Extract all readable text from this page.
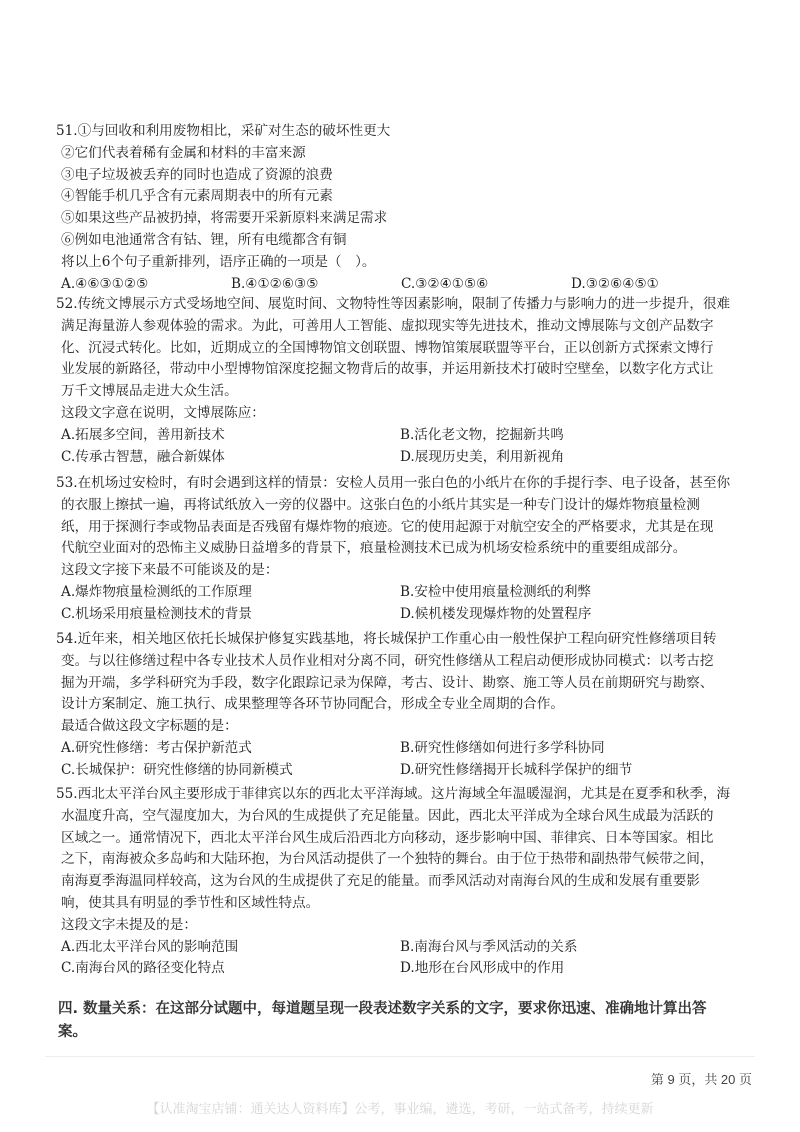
51.①与回收和利用废物相比，采矿对生态的破坏性更大
②它们代表着稀有金属和材料的丰富来源
③电子垃圾被丢弃的同时也造成了资源的浪费
④智能手机几乎含有元素周期表中的所有元素
⑤如果这些产品被扔掉，将需要开采新原料来满足需求
⑥例如电池通常含有钴、锂，所有电缆都含有铜
将以上6个句子重新排列，语序正确的一项是（　）。
A.④⑥③①②⑤	B.④①②⑥③⑤	C.③②④①⑤⑥	D.③②⑥④⑤①
52.传统文博展示方式受场地空间、展览时间、文物特性等因素影响，限制了传播力与影响力的进一步提升，很难
满足海量游人参观体验的需求。为此，可善用人工智能、虚拟现实等先进技术，推动文博展陈与文创产品数字
化、沉浸式转化。比如，近期成立的全国博物馆文创联盟、博物馆策展联盟等平台，正以创新方式探索文博行
业发展的新路径，带动中小型博物馆深度挖掘文物背后的故事，并运用新技术打破时空壁垒，以数字化方式让
万千文博展品走进大众生活。
这段文字意在说明，文博展陈应：
A.拓展多空间，善用新技术	B.活化老文物，挖掘新共鸣
C.传承古智慧，融合新媒体	D.展现历史美，利用新视角
53.在机场过安检时，有时会遇到这样的情景：安检人员用一张白色的小纸片在你的手提行李、电子设备，甚至你
的衣服上擦拭一遍，再将试纸放入一旁的仪器中。这张白色的小纸片其实是一种专门设计的爆炸物痕量检测
纸，用于探测行李或物品表面是否残留有爆炸物的痕迹。它的使用起源于对航空安全的严格要求，尤其是在现
代航空业面对的恐怖主义威胁日益增多的背景下，痕量检测技术已成为机场安检系统中的重要组成部分。
这段文字接下来最不可能谈及的是：
A.爆炸物痕量检测纸的工作原理	B.安检中使用痕量检测纸的利弊
C.机场采用痕量检测技术的背景	D.候机楼发现爆炸物的处置程序
54.近年来，相关地区依托长城保护修复实践基地，将长城保护工作重心由一般性保护工程向研究性修缮项目转
变。与以往修缮过程中各专业技术人员作业相对分离不同，研究性修缮从工程启动便形成协同模式：以考古挖
掘为开端，多学科研究为手段，数字化跟踪记录为保障，考古、设计、勘察、施工等人员在前期研究与勘察、
设计方案制定、施工执行、成果整理等各环节协同配合，形成全专业全周期的合作。
最适合做这段文字标题的是：
A.研究性修缮：考古保护新范式	B.研究性修缮如何进行多学科协同
C.长城保护：研究性修缮的协同新模式	D.研究性修缮揭开长城科学保护的细节
55.西北太平洋台风主要形成于菲律宾以东的西北太平洋海域。这片海域全年温暖湿润，尤其是在夏季和秋季，海
水温度升高，空气湿度加大，为台风的生成提供了充足能量。因此，西北太平洋成为全球台风生成最为活跃的
区域之一。通常情况下，西北太平洋台风生成后沿西北方向移动，逐步影响中国、菲律宾、日本等国家。相比
之下，南海被众多岛屿和大陆环抱，为台风活动提供了一个独特的舞台。由于位于热带和副热带气候带之间，
南海夏季海温同样较高，这为台风的生成提供了充足的能量。而季风活动对南海台风的生成和发展有重要影
响，使其具有明显的季节性和区域性特点。
这段文字未提及的是：
A.西北太平洋台风的影响范围	B.南海台风与季风活动的关系
C.南海台风的路径变化特点	D.地形在台风形成中的作用
四. 数量关系：在这部分试题中，每道题呈现一段表述数字关系的文字，要求你迅速、准确地计算出答
案。
第 9 页，共 20 页
【认准淘宝店铺：通关达人资料库】公考，事业编，遴选，考研，一站式备考，持续更新
